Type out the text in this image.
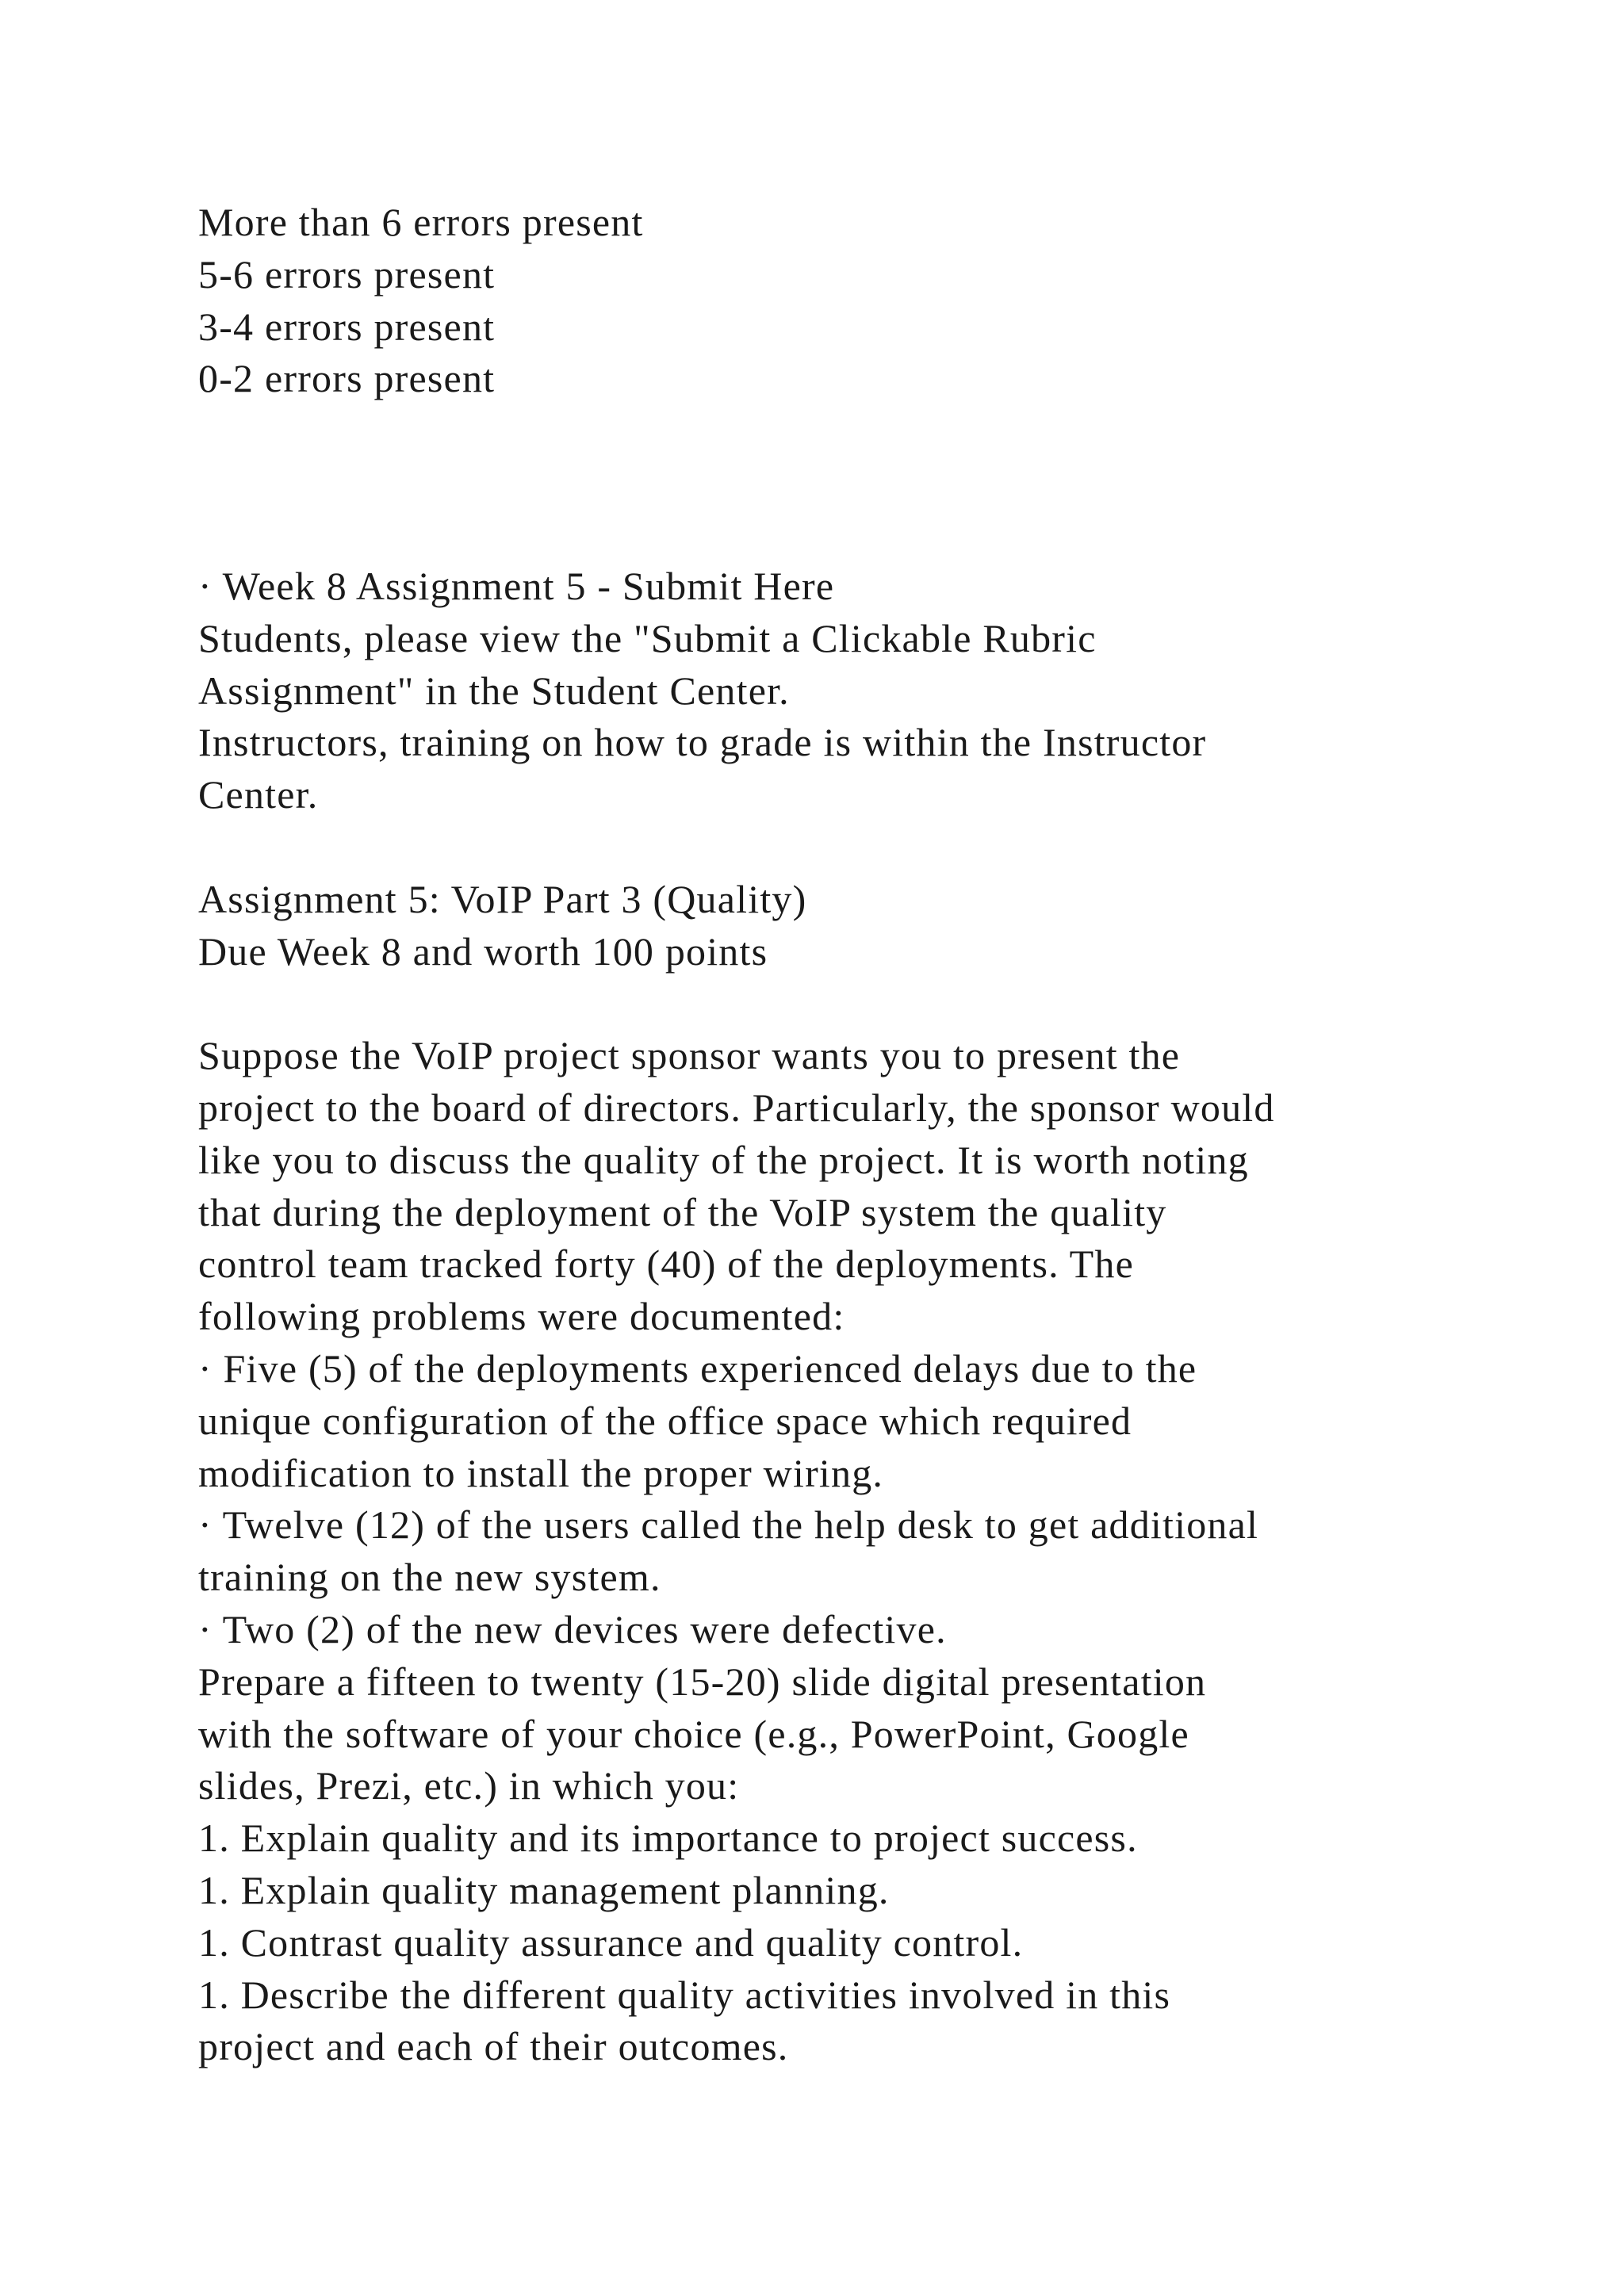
More than 6 errors present
5-6 errors present
3-4 errors present
0-2 errors present
· Week 8 Assignment 5 - Submit Here
Students, please view the "Submit a Clickable Rubric
Assignment" in the Student Center.
Instructors, training on how to grade is within the Instructor
Center.
Assignment 5: VoIP Part 3 (Quality)
Due Week 8 and worth 100 points
Suppose the VoIP project sponsor wants you to present the
project to the board of directors. Particularly, the sponsor would
like you to discuss the quality of the project. It is worth noting
that during the deployment of the VoIP system the quality
control team tracked forty (40) of the deployments. The
following problems were documented:
· Five (5) of the deployments experienced delays due to the
unique configuration of the office space which required
modification to install the proper wiring.
· Twelve (12) of the users called the help desk to get additional
training on the new system.
· Two (2) of the new devices were defective.
Prepare a fifteen to twenty (15-20) slide digital presentation
with the software of your choice (e.g., PowerPoint, Google
slides, Prezi, etc.) in which you:
1. Explain quality and its importance to project success.
1. Explain quality management planning.
1. Contrast quality assurance and quality control.
1. Describe the different quality activities involved in this
project and each of their outcomes.
